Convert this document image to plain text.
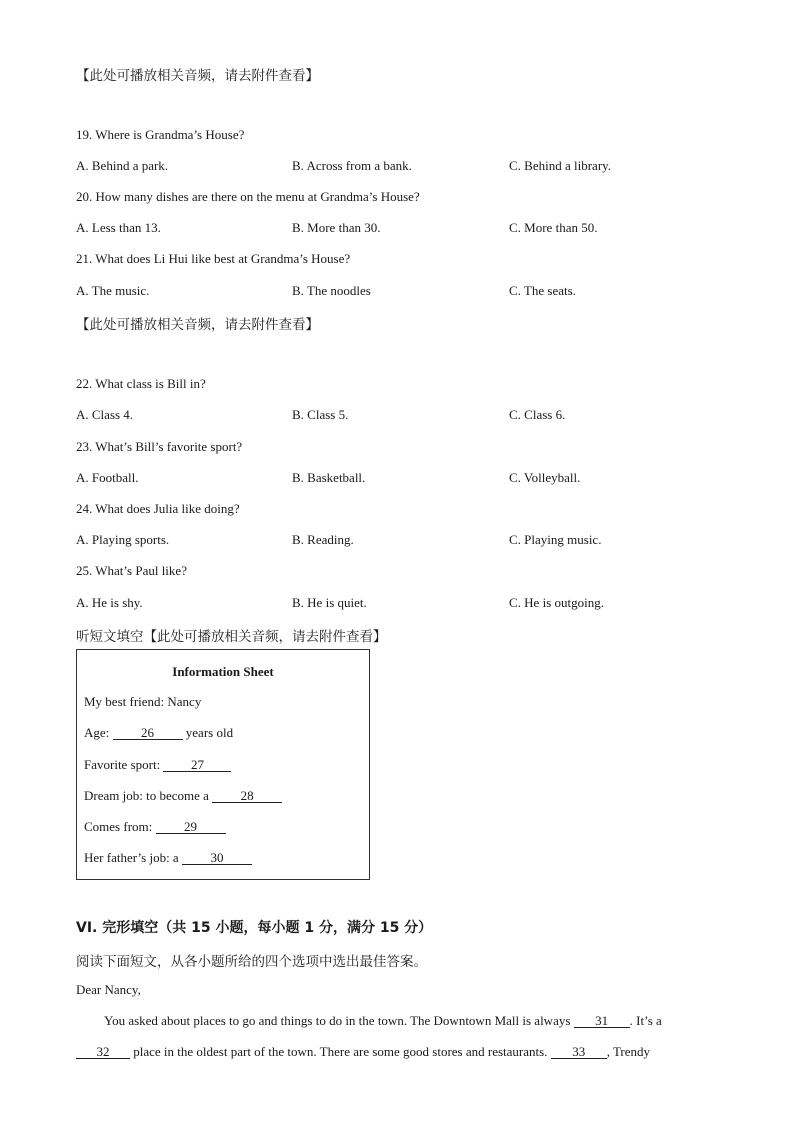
【此处可播放相关音频，请去附件查看】
19. Where is Grandma’s House?
A. Behind a park.	B. Across from a bank.	C. Behind a library.
20. How many dishes are there on the menu at Grandma’s House?
A. Less than 13.	B. More than 30.	C. More than 50.
21. What does Li Hui like best at Grandma’s House?
A. The music.	B. The noodles	C. The seats.
【此处可播放相关音频，请去附件查看】
22. What class is Bill in?
A. Class 4.	B. Class 5.	C. Class 6.
23. What’s Bill’s favorite sport?
A. Football.	B. Basketball.	C. Volleyball.
24. What does Julia like doing?
A. Playing sports.	B. Reading.	C. Playing music.
25. What’s Paul like?
A. He is shy.	B. He is quiet.	C. He is outgoing.
听短文填空【此处可播放相关音频，请去附件查看】
Information Sheet
My best friend: Nancy
Age: 26 years old
Favorite sport: 27
Dream job: to become a 28
Comes from: 29
Her father’s job: a 30
VI. 完形填空（共 15 小题，每小题 1 分，满分 15 分）
阅读下面短文，从各小题所给的四个选项中选出最佳答案。
Dear Nancy,
You asked about places to go and things to do in the town. The Downtown Mall is always 31 . It’s a
32 place in the oldest part of the town. There are some good stores and restaurants. 33 , Trendy
